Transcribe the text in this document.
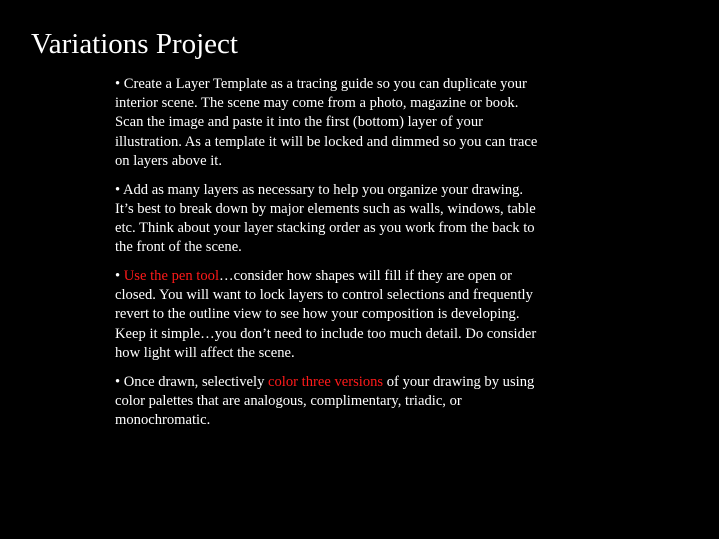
Variations Project
• Create a Layer Template as a tracing guide so you can duplicate your
interior scene. The scene may come from a photo, magazine or book.
Scan the image and paste it into the first (bottom) layer of your
illustration. As a template it will be locked and dimmed so you can trace
on layers above it.
• Add as many layers as necessary to help you organize your drawing.
It’s best to break down by major elements such as walls, windows, table
etc. Think about your layer stacking order as you work from the back to
the front of the scene.
• Use the pen tool…consider how shapes will fill if they are open or
closed. You will want to lock layers to control selections and frequently
revert to the outline view to see how your composition is developing.
Keep it simple…you don’t need to include too much detail. Do consider
how light will affect the scene.
• Once drawn, selectively color three versions of your drawing by using
color palettes that are analogous, complimentary, triadic, or
monochromatic.
